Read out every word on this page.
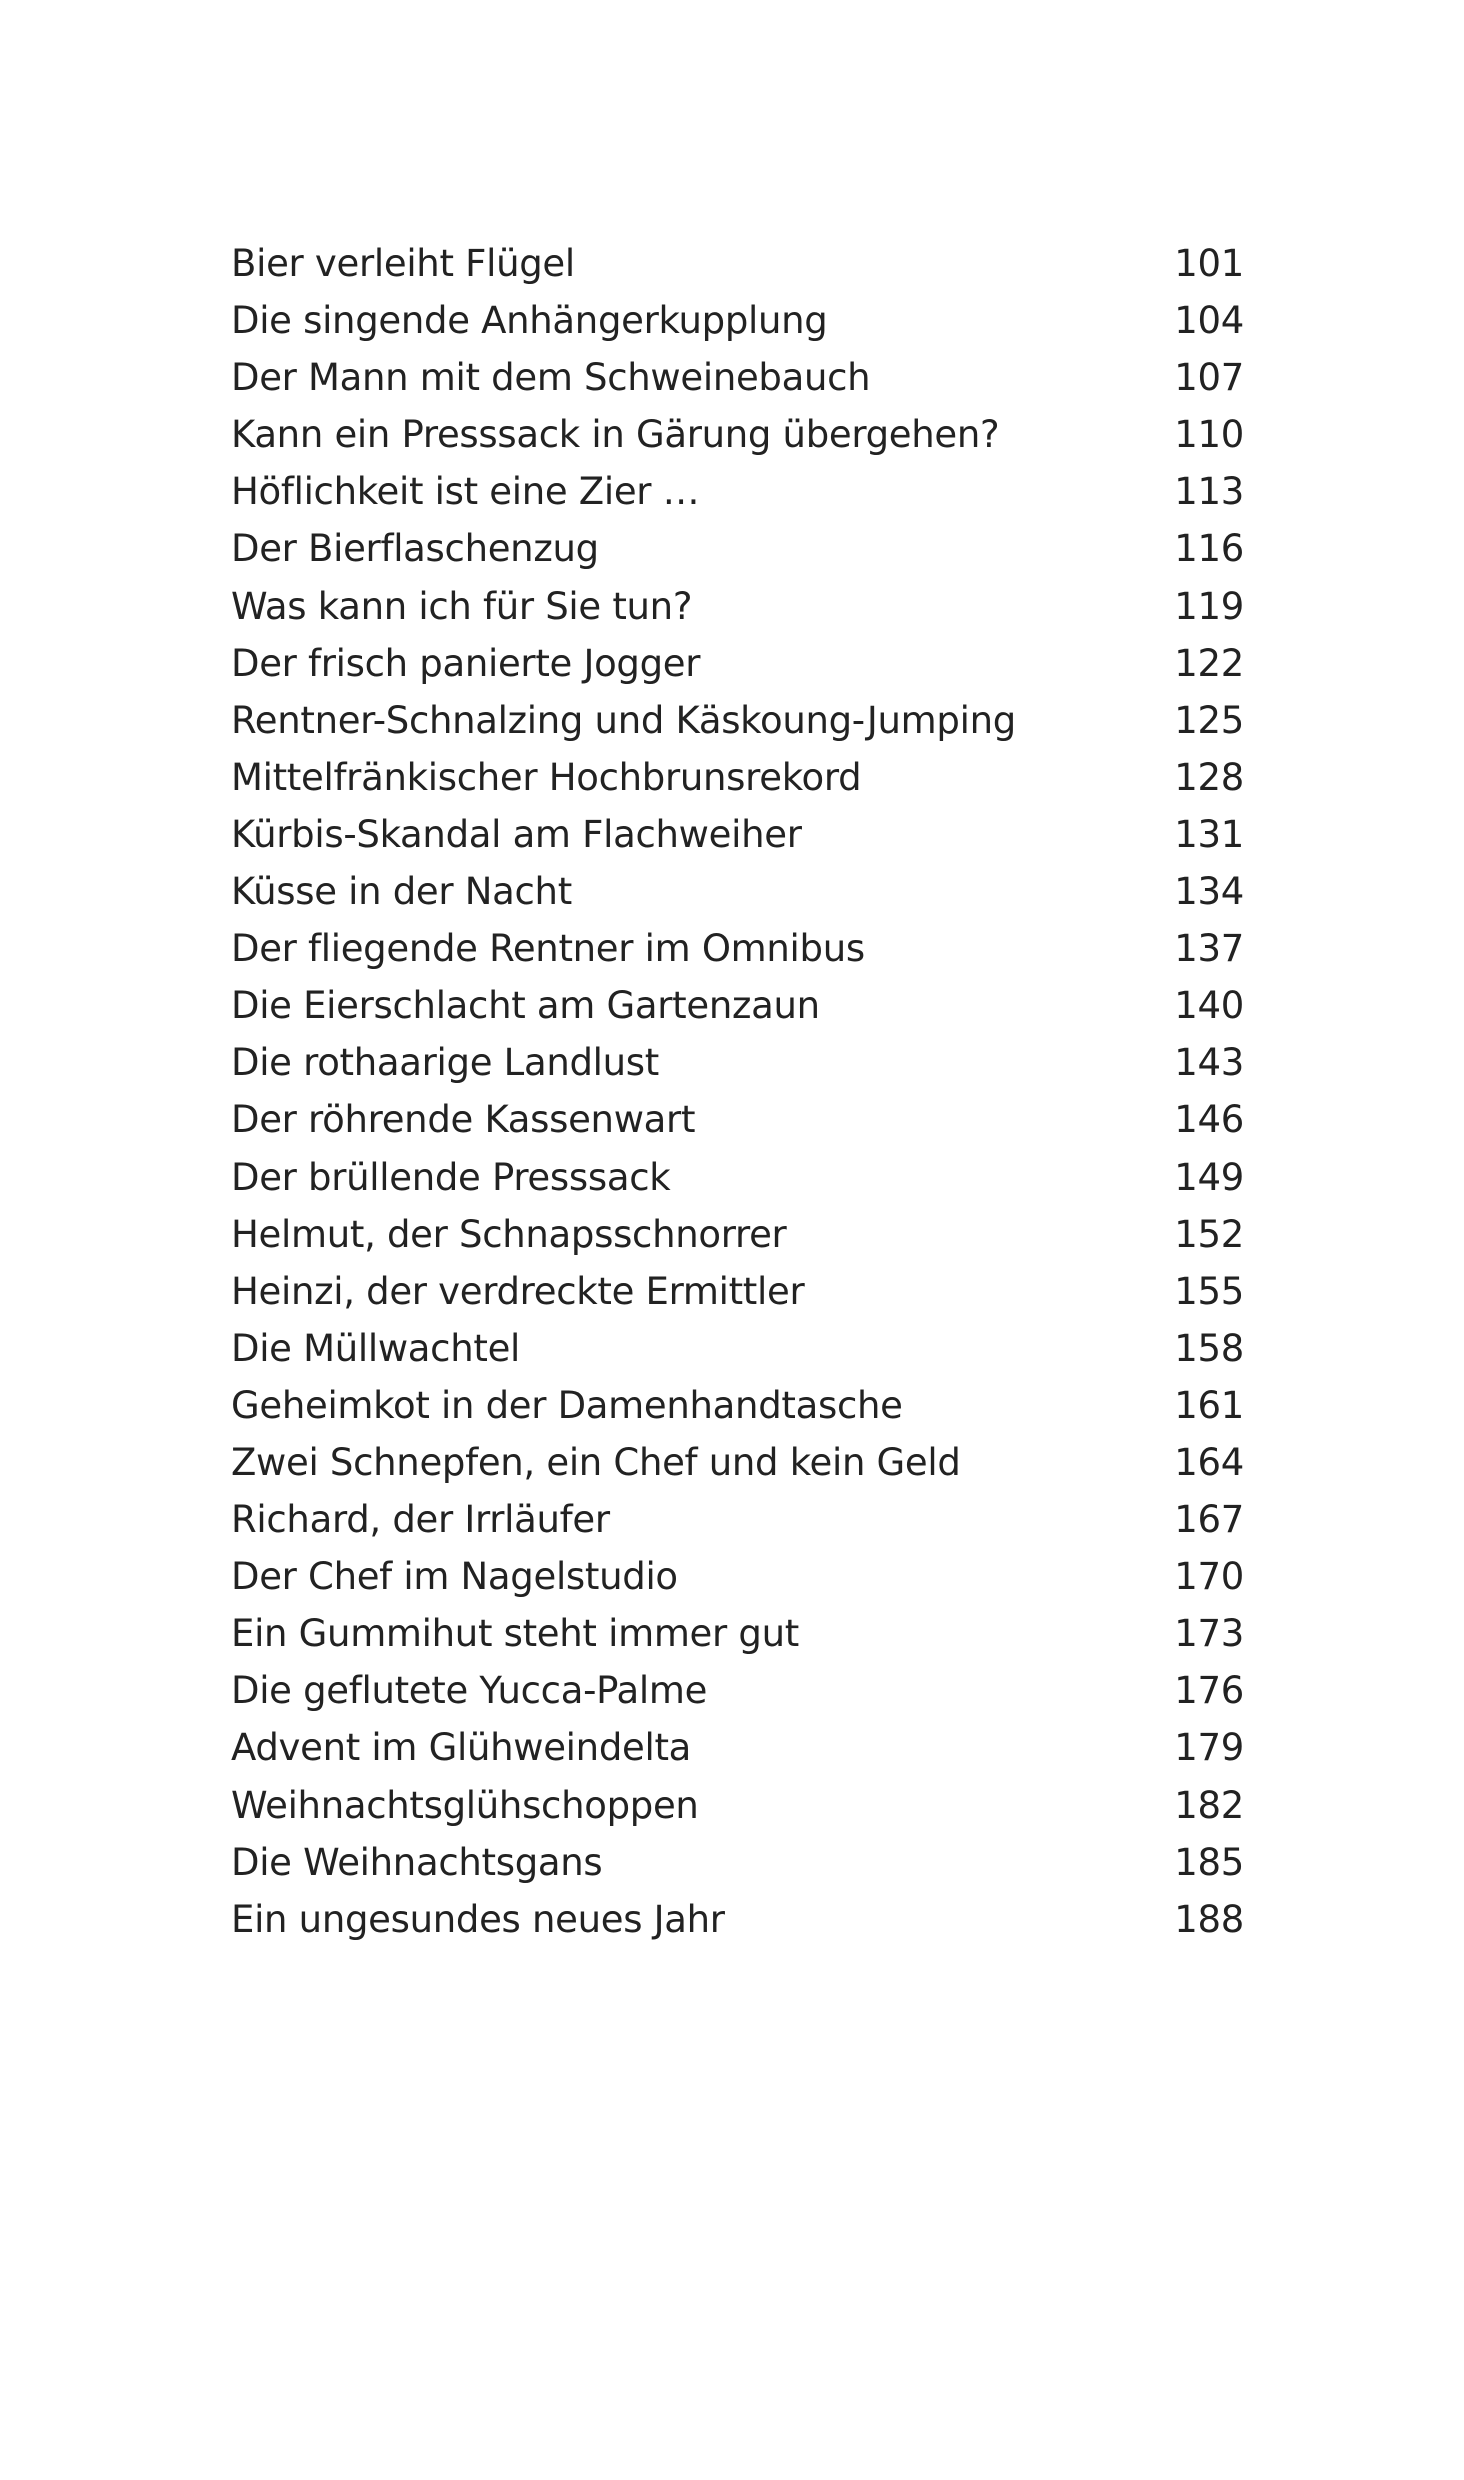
Bier verleiht Flügel	101
Die singende Anhängerkupplung	104
Der Mann mit dem Schweinebauch	107
Kann ein Presssack in Gärung übergehen?	110
Höflichkeit ist eine Zier …	113
Der Bierflaschenzug	116
Was kann ich für Sie tun?	119
Der frisch panierte Jogger	122
Rentner-Schnalzing und Käskoung-Jumping	125
Mittelfränkischer Hochbrunsrekord	128
Kürbis-Skandal am Flachweiher	131
Küsse in der Nacht	134
Der fliegende Rentner im Omnibus	137
Die Eierschlacht am Gartenzaun	140
Die rothaarige Landlust	143
Der röhrende Kassenwart	146
Der brüllende Presssack	149
Helmut, der Schnapsschnorrer	152
Heinzi, der verdreckte Ermittler	155
Die Müllwachtel	158
Geheimkot in der Damenhandtasche	161
Zwei Schnepfen, ein Chef und kein Geld	164
Richard, der Irrläufer	167
Der Chef im Nagelstudio	170
Ein Gummihut steht immer gut	173
Die geflutete Yucca-Palme	176
Advent im Glühweindelta	179
Weihnachtsglühschoppen	182
Die Weihnachtsgans	185
Ein ungesundes neues Jahr	188
